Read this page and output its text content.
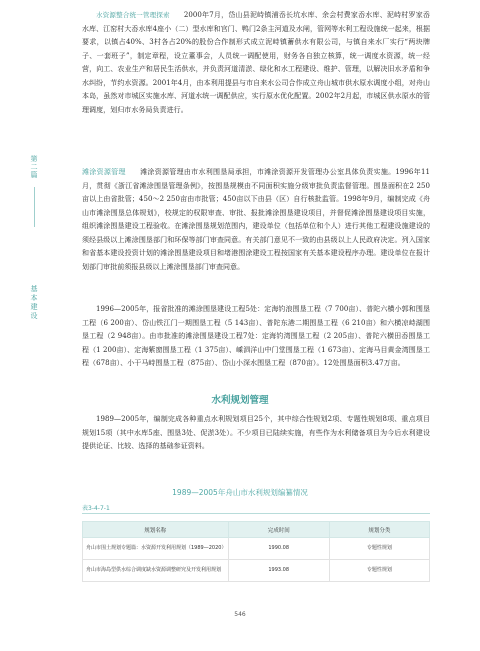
第二篇
基本建设

水资源整合统一管理探索   2000年7月，岱山县泥峙镇浦岙长坑水库、余会村费家岙水库、泥峙村罗家岙水库、江窑村大岙水库4座小（二）型水库和宫门、鸭门2条主河道及水闸，管网等水利工程设施统一起来，根据要求，以镇占40%、3村各占20%的股份合作制形式成立泥峙镇蓄供水有限公司，与镇自来水厂实行“两块牌子、一套班子”，制定章程，设立董事会，人员统一调配使用，财务各自独立核算，统一调度水资源，统一经营，向工、农业生产和居民生活供水，并负责河道清淤、绿化和水工程建设、维护、管理，以解决旧水矛盾和争水纠纷，节约水资源。2001年4月，由本利用提县与市自来水公司合作成立舟山城市供水原水调度小组，对舟山本岛，虽然对市城区实施水库、河道水统一调配供应，实行原水优化配置。2002年2月起，市城区供水原水的管理调度，划归市水务局负责进行。

滩涂资源管理   滩涂资源管理由市水利围垦局承担，市滩涂资源开发管理办公室具体负责实施。1996年11月，贯彻《浙江省滩涂围垦管理条例》，按围垦规模由不同面积实施分级审批负责监督管理。围垦面积在2 250亩以上由省批管；450～2 250亩由市批管；450亩以下由县（区）自行核批监管。1998年9月，编制完成《舟山市滩涂围垦总体规划》，校规定的权限审查、审批、报批滩涂围垦建设项目，并督促滩涂围垦建设项目实施，组织滩涂围垦建设工程验收。在滩涂围垦规划范围内，建设单位（包括单位和个人）进行其他工程建设施建设的须经县级以上滩涂围垦部门和环保等部门审查同意。有关部门意见不一致的由县级以上人民政府决定。列入国家和省基本建设投资计划的滩涂围垦建设项目和堵港围涂建设工程按国家有关基本建设程序办理。建设单位在报计划部门审批前须报县级以上滩涂围垦部门审查同意。

1996—2005年，报省批准的滩涂围垦建设工程5处：定海钓浪围垦工程（7 700亩）、普陀六横小郭和围垦工程（6 200亩）、岱山铁江门一期围垦工程（5 143亩）、普陀东港二期围垦工程（6 210亩）和六横凉峙湖围垦工程（2 948亩）。由市批准的滩涂围垦建设工程7处：定海钓湾围垦工程（2 205亩）、普陀六横田岙围垦工程（1 200亩）、定海紫窗围垦工程（1 375亩）、嵊泗洋山中门堂围垦工程（1 673亩）、定海马目黄金湾围垦工程（678亩）、小干马峙围垦工程（875亩）、岱山小深水围垦工程（870亩）。12处围垦面积3.47万亩。

水利规划管理

1989—2005年，编制完成各种重点水利规划项目25个，其中综合性规划2项、专题性规划8项、重点项目规划15项（其中水库5座、围垦3处、促淤3处）。不少项目已陆续实施，有些作为水利储备项目为今后水利建设提供论证、比较、选择的基础参证资料。

1989—2005年舟山市水利规划编纂情况
表3-4-7-1
规划名称	完成时间	规划分类
舟山市围土规划专题篇：水资源开发利用规划（1989—2020）	1990.08	专题性规划
舟山市海岛型供水综合调度缺水资源调整研究及开发利用规划	1993.08	专题性规划
546
